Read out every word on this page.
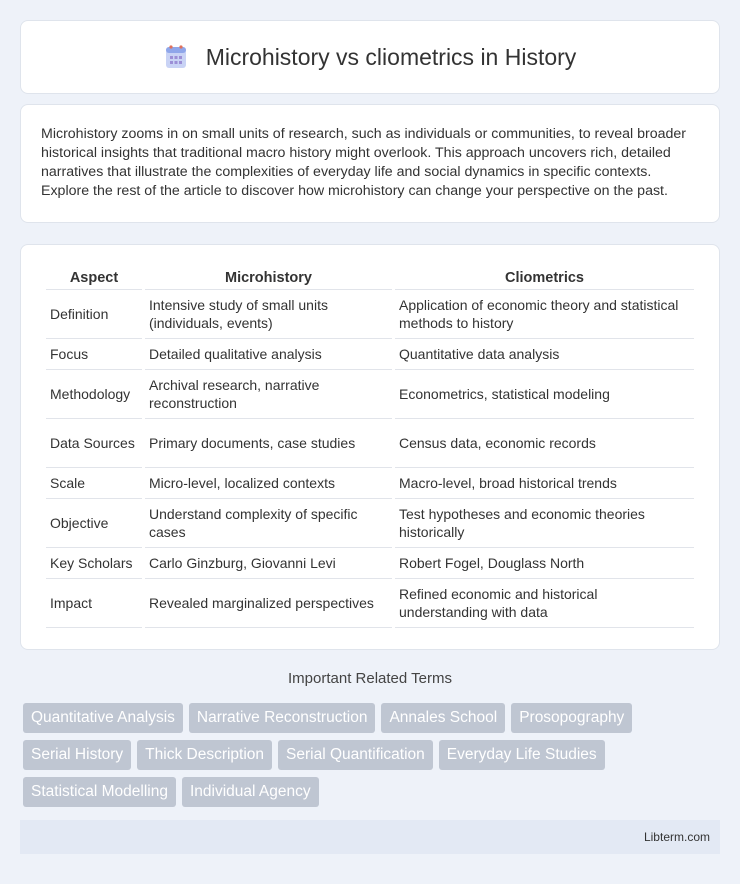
Microhistory vs cliometrics in History

Microhistory zooms in on small units of research, such as individuals or communities, to reveal broader historical insights that traditional macro history might overlook. This approach uncovers rich, detailed narratives that illustrate the complexities of everyday life and social dynamics in specific contexts. Explore the rest of the article to discover how microhistory can change your perspective on the past.

Aspect	Microhistory	Cliometrics
Definition	Intensive study of small units (individuals, events)	Application of economic theory and statistical methods to history
Focus	Detailed qualitative analysis	Quantitative data analysis
Methodology	Archival research, narrative reconstruction	Econometrics, statistical modeling
Data Sources	Primary documents, case studies	Census data, economic records
Scale	Micro-level, localized contexts	Macro-level, broad historical trends
Objective	Understand complexity of specific cases	Test hypotheses and economic theories historically
Key Scholars	Carlo Ginzburg, Giovanni Levi	Robert Fogel, Douglass North
Impact	Revealed marginalized perspectives	Refined economic and historical understanding with data
Important Related Terms
Quantitative Analysis	Narrative Reconstruction	Annales School	Prosopography
Serial History	Thick Description	Serial Quantification	Everyday Life Studies
Statistical Modelling	Individual Agency
Libterm.com
